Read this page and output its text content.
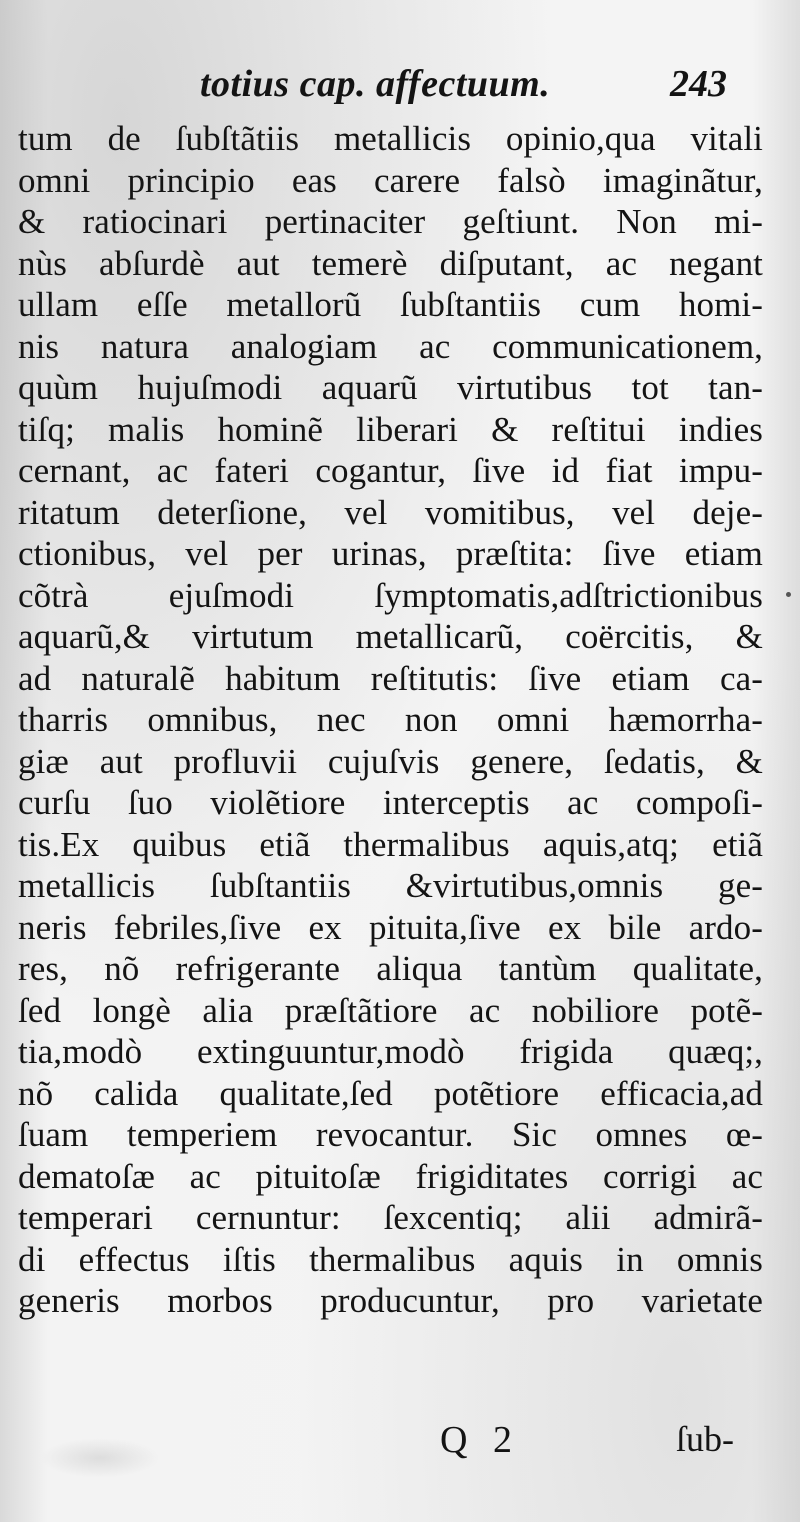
totius cap. affectuum.	243
tum de ſubſtãtiis metallicis opinio,qua vitali
omni principio eas carere falsò imaginãtur,
& ratiocinari pertinaciter geſtiunt. Non mi-
nùs abſurdè aut temerè diſputant, ac negant
ullam eſſe metallorũ ſubſtantiis cum homi-
nis natura analogiam ac communicationem,
quùm hujuſmodi aquarũ virtutibus tot tan-
tiſq; malis hominẽ liberari & reſtitui indies
cernant, ac fateri cogantur, ſive id fiat impu-
ritatum deterſione, vel vomitibus, vel deje-
ctionibus, vel per urinas, præſtita: ſive etiam
cõtrà ejuſmodi ſymptomatis,adſtrictionibus
aquarũ,& virtutum metallicarũ, coërcitis, &
ad naturalẽ habitum reſtitutis: ſive etiam ca-
tharris omnibus, nec non omni hæmorrha-
giæ aut profluvii cujuſvis genere, ſedatis, &
curſu ſuo violẽtiore interceptis ac compoſi-
tis.Ex quibus etiã thermalibus aquis,atq; etiã
metallicis ſubſtantiis &virtutibus,omnis ge-
neris febriles,ſive ex pituita,ſive ex bile ardo-
res, nõ refrigerante aliqua tantùm qualitate,
ſed longè alia præſtãtiore ac nobiliore potẽ-
tia,modò extinguuntur,modò frigida quæq;,
nõ calida qualitate,ſed potẽtiore efficacia,ad
ſuam temperiem revocantur. Sic omnes œ-
dematoſæ ac pituitoſæ frigiditates corrigi ac
temperari cernuntur: ſexcentiq; alii admirã-
di effectus iſtis thermalibus aquis in omnis
generis morbos producuntur, pro varietate
Q 2	ſub-
